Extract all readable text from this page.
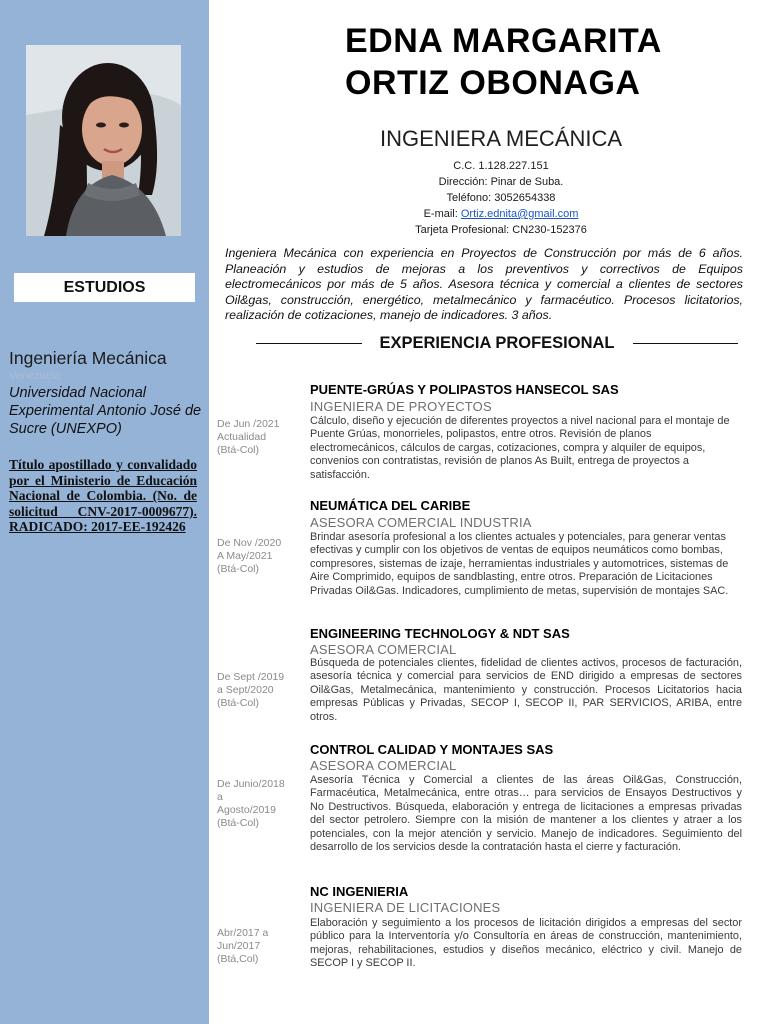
ESTUDIOS
Ingeniería Mecánica
Venezuela
Universidad Nacional Experimental Antonio José de Sucre (UNEXPO)
Título apostillado y convalidado por el Ministerio de Educación Nacional de Colombia. (No. de solicitud CNV-2017-0009677). RADICADO: 2017-EE-192426
EDNA MARGARITA
ORTIZ OBONAGA
INGENIERA MECÁNICA
C.C. 1.128.227.151
Dirección: Pinar de Suba.
Teléfono: 3052654338
E-mail: Ortiz.ednita@gmail.com
Tarjeta Profesional: CN230-152376
Ingeniera Mecánica con experiencia en Proyectos de Construcción por más de 6 años. Planeación y estudios de mejoras a los preventivos y correctivos de Equipos electromecánicos por más de 5 años. Asesora técnica y comercial a clientes de sectores Oil&gas, construcción, energético, metalmecánico y farmacéutico. Procesos licitatorios, realización de cotizaciones, manejo de indicadores. 3 años.
EXPERIENCIA PROFESIONAL
PUENTE-GRÚAS Y POLIPASTOS HANSECOL SAS
INGENIERA DE PROYECTOS
Cálculo, diseño y ejecución de diferentes proyectos a nivel nacional para el montaje de Puente Grúas, monorrieles, polipastos, entre otros. Revisión de planos electromecánicos, cálculos de cargas, cotizaciones, compra y alquiler de equipos, convenios con contratistas, revisión de planos As Built, entrega de proyectos a satisfacción.
De Jun /2021
Actualidad
(Btá-Col)
NEUMÁTICA DEL CARIBE
ASESORA COMERCIAL INDUSTRIA
Brindar asesoría profesional a los clientes actuales y potenciales, para generar ventas efectivas y cumplir con los objetivos de ventas de equipos neumáticos como bombas, compresores, sistemas de izaje, herramientas industriales y automotrices, sistemas de Aire Comprimido, equipos de sandblasting, entre otros. Preparación de Licitaciones Privadas Oil&Gas. Indicadores, cumplimiento de metas, supervisión de montajes SAC.
De Nov /2020
A May/2021
(Btá-Col)
ENGINEERING TECHNOLOGY & NDT SAS
ASESORA COMERCIAL
Búsqueda de potenciales clientes, fidelidad de clientes activos, procesos de facturación, asesoría técnica y comercial para servicios de END dirigido a empresas de sectores Oil&Gas, Metalmecánica, mantenimiento y construcción. Procesos Licitatorios hacia empresas Públicas y Privadas, SECOP I, SECOP II, PAR SERVICIOS, ARIBA, entre otros.
De Sept /2019
a Sept/2020
(Btá-Col)
CONTROL CALIDAD Y MONTAJES SAS
ASESORA COMERCIAL
Asesoría Técnica y Comercial a clientes de las áreas Oil&Gas, Construcción, Farmacéutica, Metalmecánica, entre otras… para servicios de Ensayos Destructivos y No Destructivos. Búsqueda, elaboración y entrega de licitaciones a empresas privadas del sector petrolero. Siempre con la misión de mantener a los clientes y atraer a los potenciales, con la mejor atención y servicio. Manejo de indicadores. Seguimiento del desarrollo de los servicios desde la contratación hasta el cierre y facturación.
De Junio/2018
a
Agosto/2019
(Btá-Col)
NC INGENIERIA
INGENIERA DE LICITACIONES
Elaboración y seguimiento a los procesos de licitación dirigidos a empresas del sector público para la Interventoría y/o Consultoría en áreas de construcción, mantenimiento, mejoras, rehabilitaciones, estudios y diseños mecánico, eléctrico y civil. Manejo de SECOP I y SECOP II.
Abr/2017 a
Jun/2017
(Btá,Col)
